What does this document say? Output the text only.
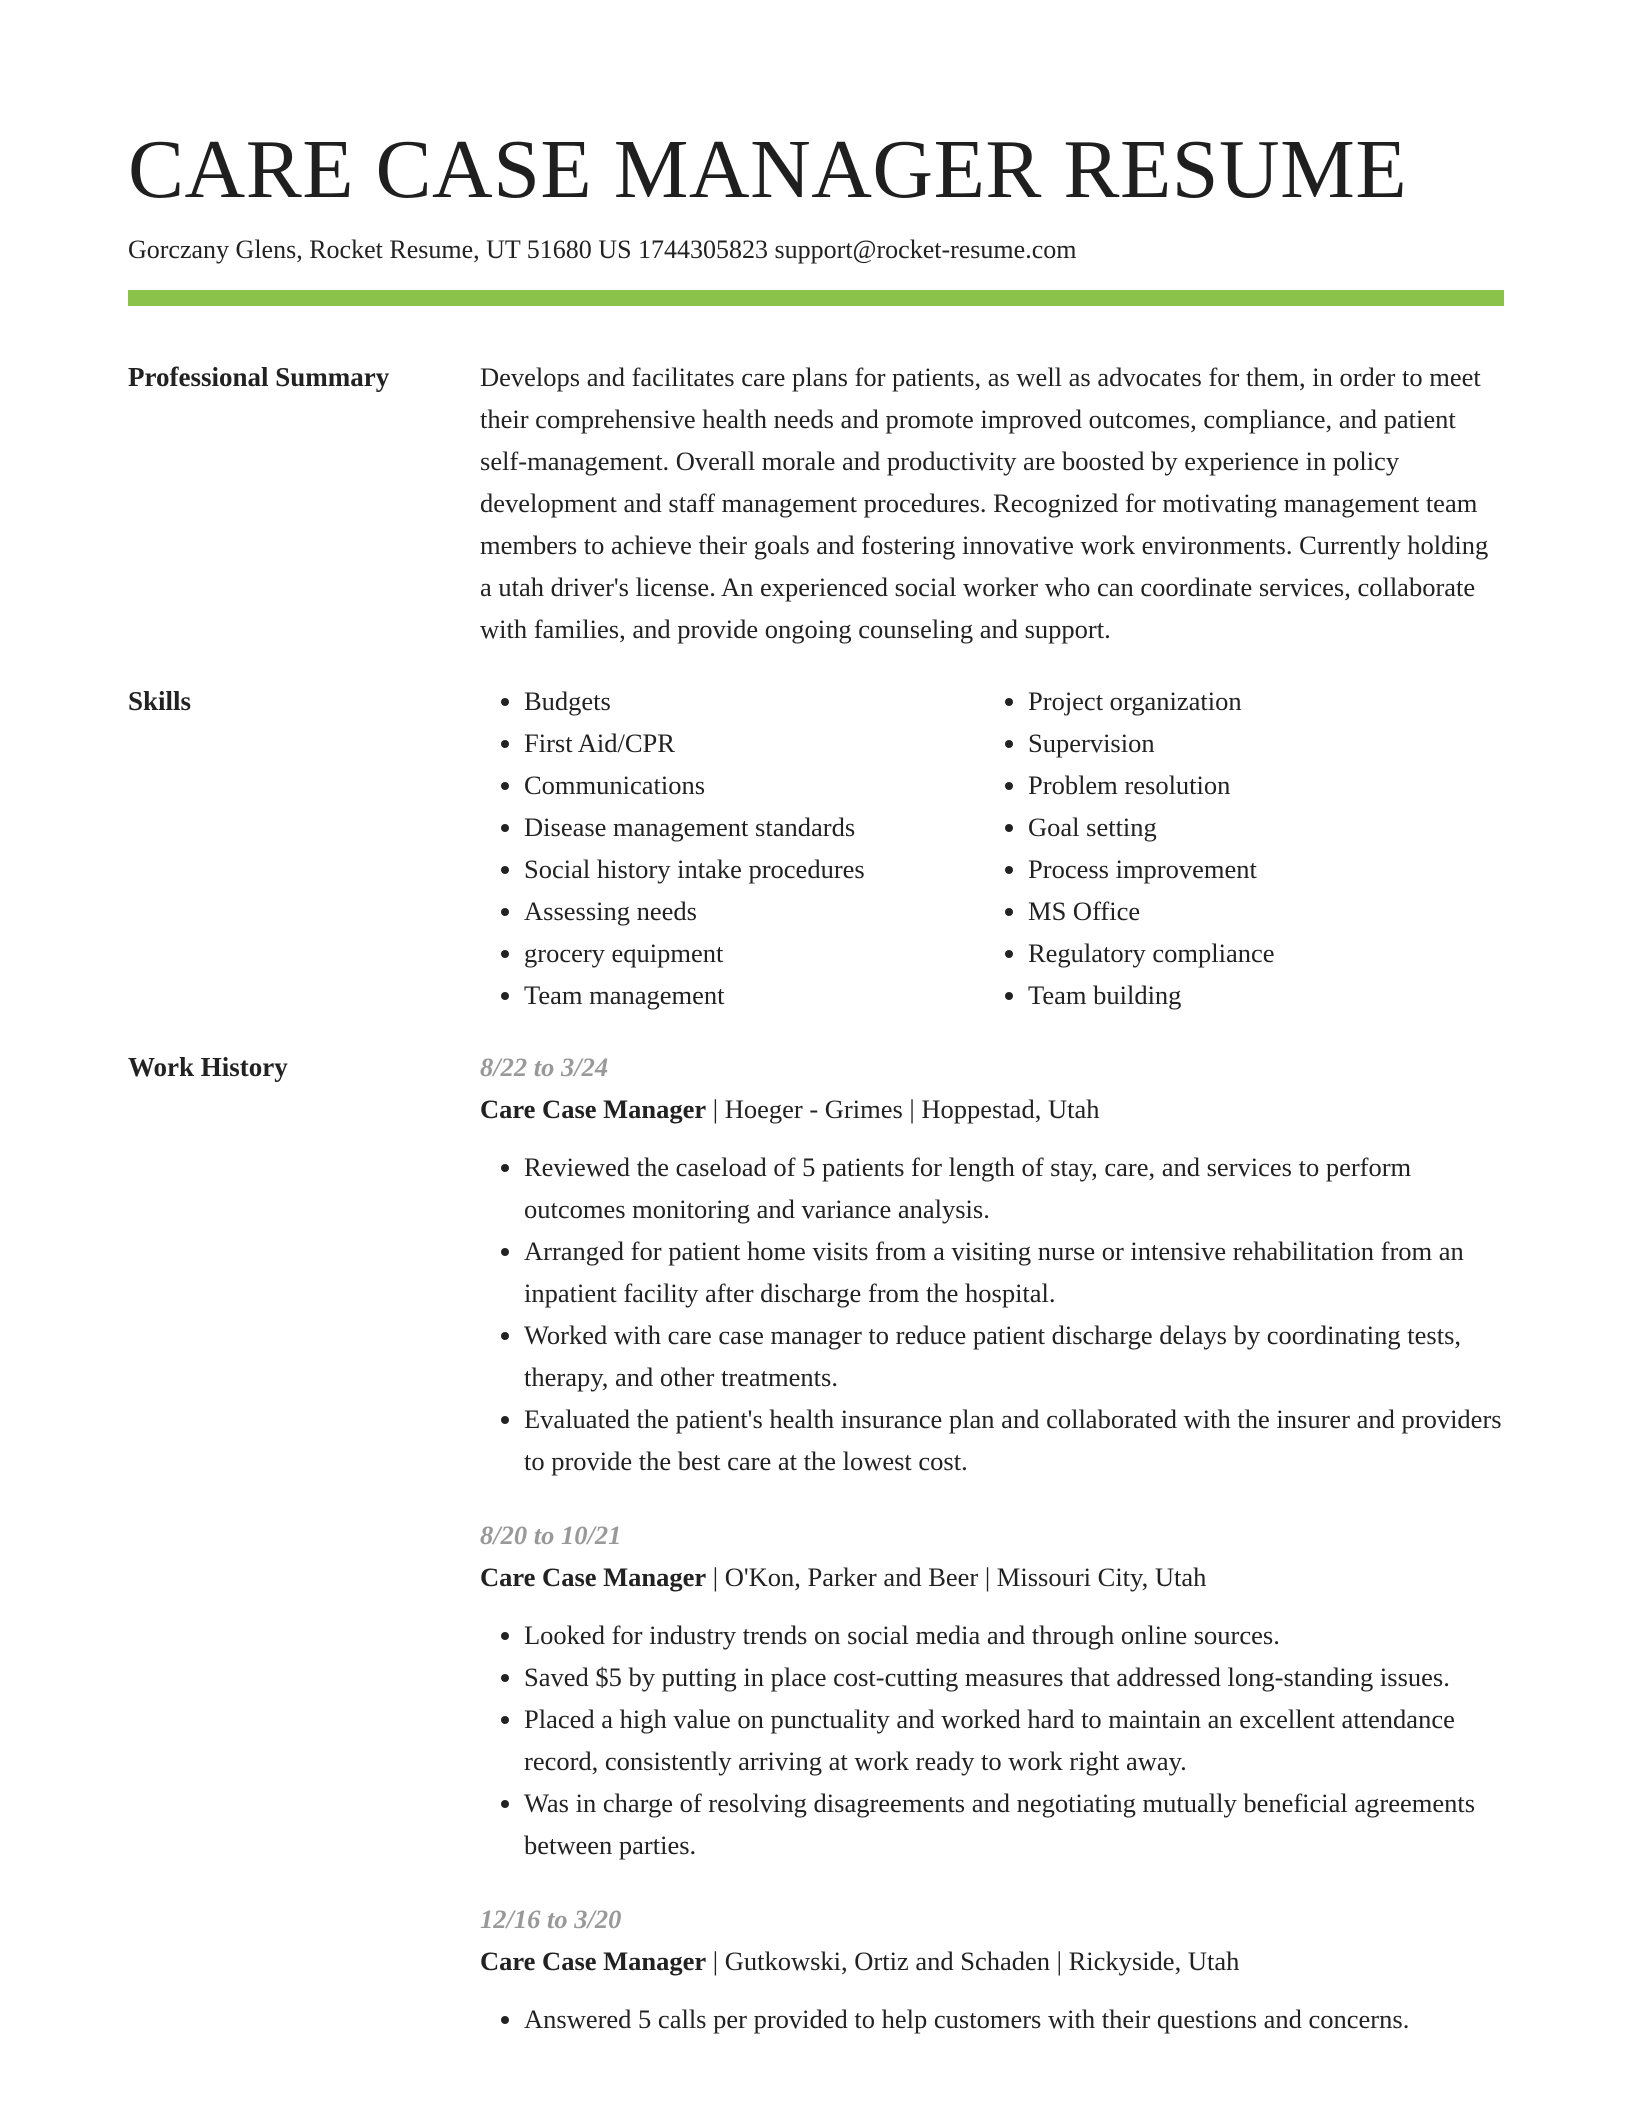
CARE CASE MANAGER RESUME
Gorczany Glens, Rocket Resume, UT 51680 US 1744305823 support@rocket-resume.com
Professional Summary	Develops and facilitates care plans for patients, as well as advocates for them, in order to meet their comprehensive health needs and promote improved outcomes, compliance, and patient self-management. Overall morale and productivity are boosted by experience in policy development and staff management procedures. Recognized for motivating management team members to achieve their goals and fostering innovative work environments. Currently holding a utah driver's license. An experienced social worker who can coordinate services, collaborate with families, and provide ongoing counseling and support.

Skills
•	Budgets
• First Aid/CPR
• Communications
• Disease management standards
• Social history intake procedures
• Assessing needs
• grocery equipment
• Team management
• Project organization
• Supervision
• Problem resolution
• Goal setting
• Process improvement
• MS Office
• Regulatory compliance
• Team building
Work History	8/22 to 3/24
Care Case Manager | Hoeger - Grimes | Hoppestad, Utah
• Reviewed the caseload of 5 patients for length of stay, care, and services to perform outcomes monitoring and variance analysis.
• Arranged for patient home visits from a visiting nurse or intensive rehabilitation from an inpatient facility after discharge from the hospital.
• Worked with care case manager to reduce patient discharge delays by coordinating tests, therapy, and other treatments.
• Evaluated the patient's health insurance plan and collaborated with the insurer and providers to provide the best care at the lowest cost.
8/20 to 10/21
Care Case Manager | O'Kon, Parker and Beer | Missouri City, Utah
• Looked for industry trends on social media and through online sources.
• Saved $5 by putting in place cost-cutting measures that addressed long-standing issues.
• Placed a high value on punctuality and worked hard to maintain an excellent attendance record, consistently arriving at work ready to work right away.
• Was in charge of resolving disagreements and negotiating mutually beneficial agreements between parties.
12/16 to 3/20
Care Case Manager | Gutkowski, Ortiz and Schaden | Rickyside, Utah
• Answered 5 calls per provided to help customers with their questions and concerns.
